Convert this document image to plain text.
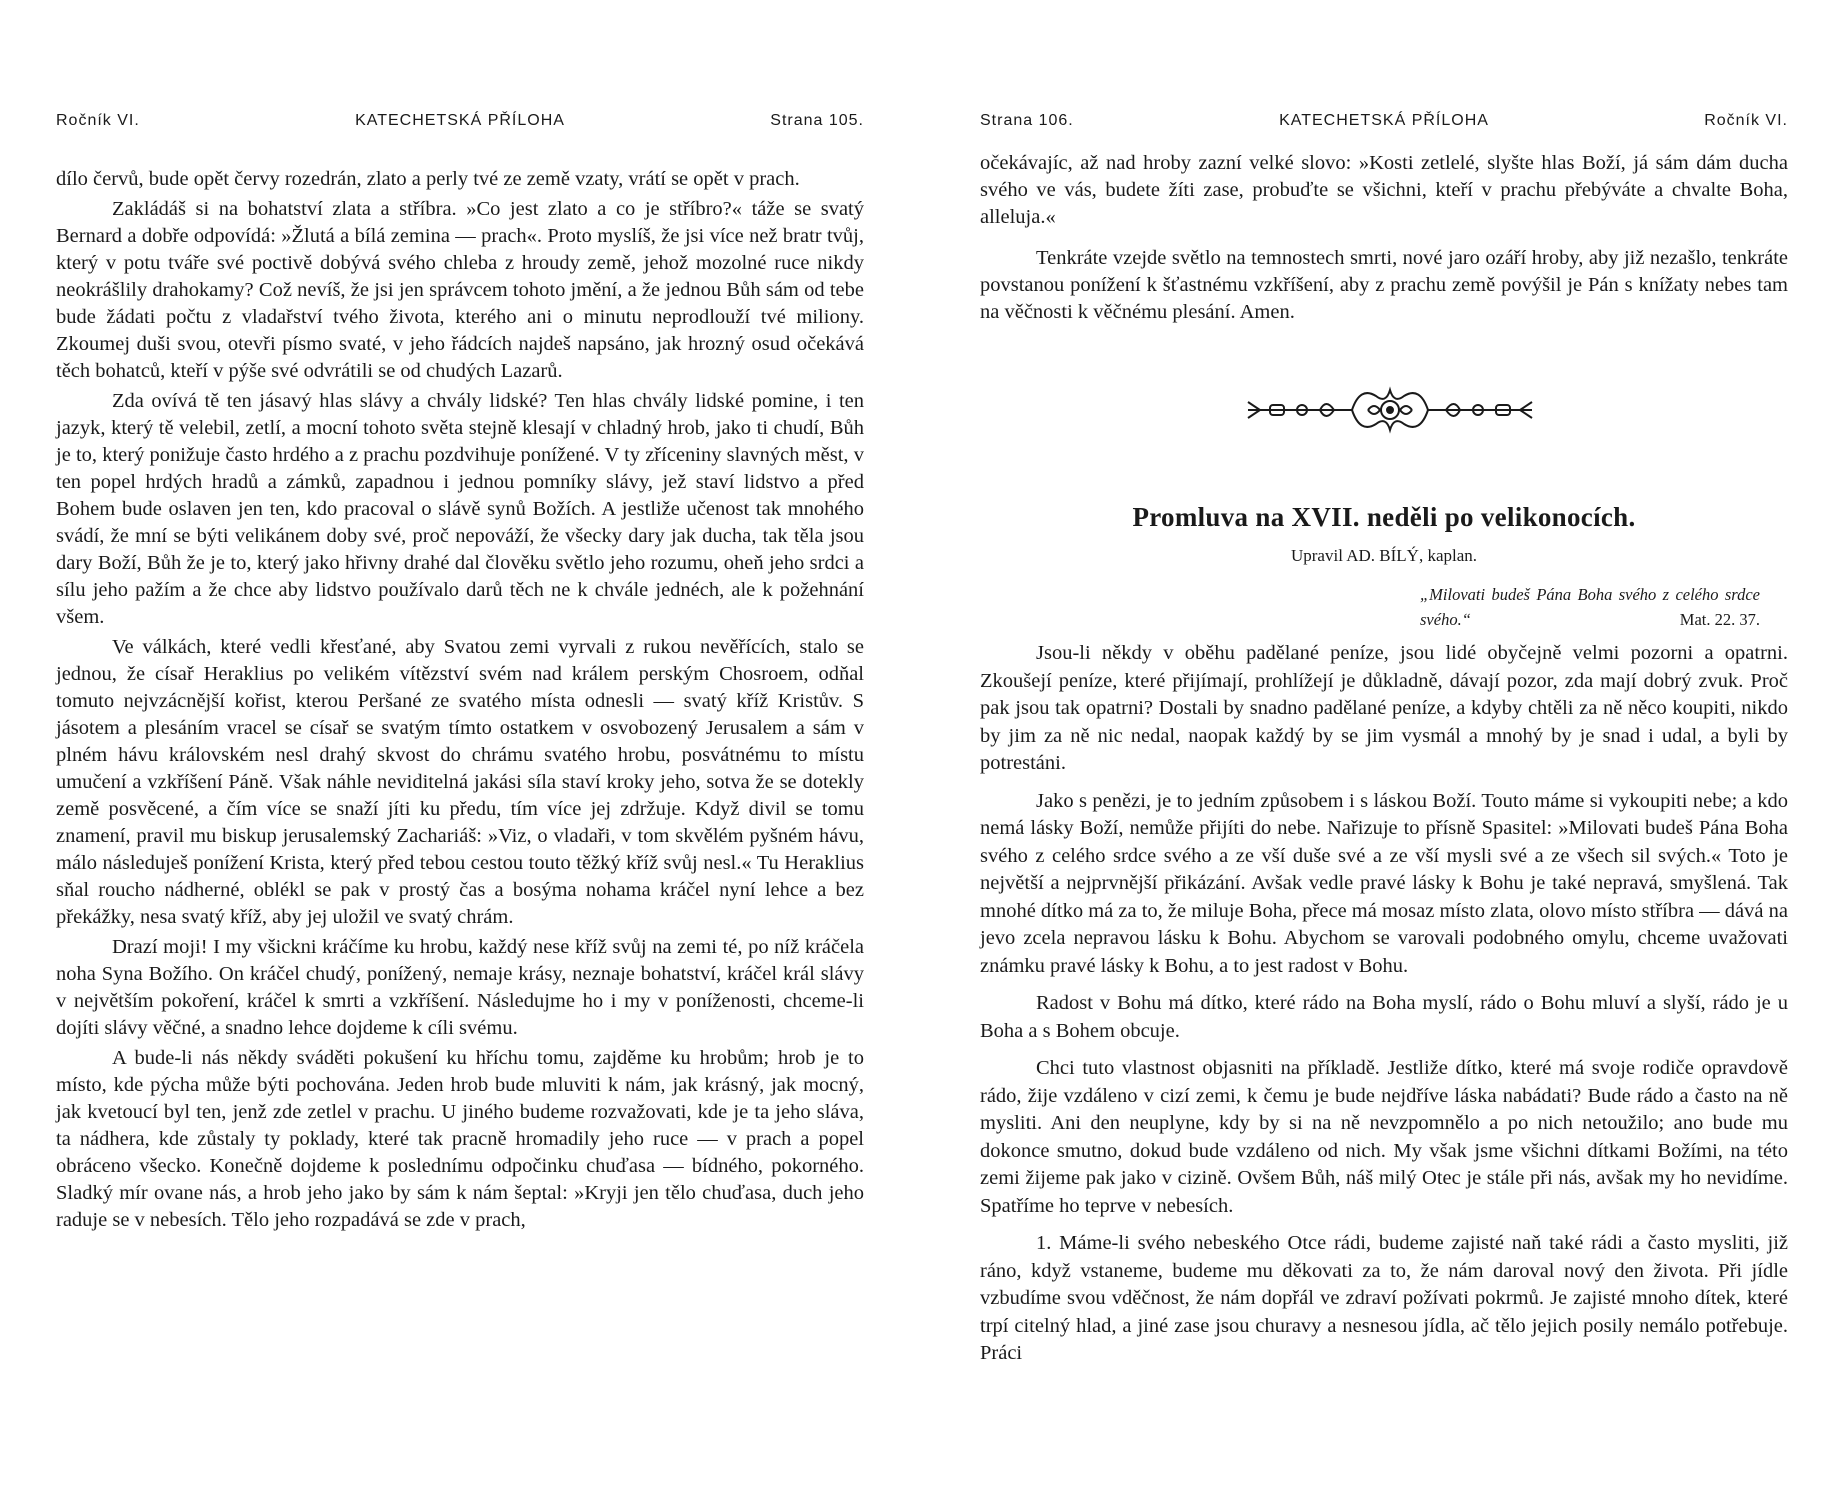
Ročník VI.	KATECHETSKÁ PŘÍLOHA	Strana 105.

dílo červů, bude opět červy rozedrán, zlato a perly tvé ze země vzaty, vrátí se opět v prach.

Zakládáš si na bohatství zlata a stříbra. »Co jest zlato a co je stříbro?« táže se svatý Bernard a dobře odpovídá: »Žlutá a bílá zemina — prach«. Proto myslíš, že jsi více než bratr tvůj, který v potu tváře své poctivě dobývá svého chleba z hroudy země, jehož mozolné ruce nikdy neokrášlily drahokamy? Což nevíš, že jsi jen správcem tohoto jmění, a že jednou Bůh sám od tebe bude žádati počtu z vladařství tvého života, kterého ani o minutu neprodlouží tvé miliony. Zkoumej duši svou, otevři písmo svaté, v jeho řádcích najdeš napsáno, jak hrozný osud očekává těch bohatců, kteří v pýše své odvrátili se od chudých Lazarů.

Zda ovívá tě ten jásavý hlas slávy a chvály lidské? Ten hlas chvály lidské pomine, i ten jazyk, který tě velebil, zetlí, a mocní tohoto světa stejně klesají v chladný hrob, jako ti chudí, Bůh je to, který ponižuje často hrdého a z prachu pozdvihuje ponížené. V ty zříceniny slavných měst, v ten popel hrdých hradů a zámků, zapadnou i jednou pomníky slávy, jež staví lidstvo a před Bohem bude oslaven jen ten, kdo pracoval o slávě synů Božích. A jestliže učenost tak mnohého svádí, že mní se býti velikánem doby své, proč nepováží, že všecky dary jak ducha, tak těla jsou dary Boží, Bůh že je to, který jako hřivny drahé dal člověku světlo jeho rozumu, oheň jeho srdci a sílu jeho pažím a že chce aby lidstvo používalo darů těch ne k chvále jednéch, ale k požehnání všem.

Ve válkách, které vedli křesťané, aby Svatou zemi vyrvali z rukou nevěřících, stalo se jednou, že císař Heraklius po velikém vítězství svém nad králem perským Chosroem, odňal tomuto nejvzácnější kořist, kterou Peršané ze svatého místa odnesli — svatý kříž Kristův. S jásotem a plesáním vracel se císař se svatým tímto ostatkem v osvobozený Jerusalem a sám v plném hávu královském nesl drahý skvost do chrámu svatého hrobu, posvátnému to místu umučení a vzkříšení Páně. Však náhle neviditelná jakási síla staví kroky jeho, sotva že se dotekly země posvěcené, a čím více se snaží jíti ku předu, tím více jej zdržuje. Když divil se tomu znamení, pravil mu biskup jerusalemský Zachariáš: »Viz, o vladaři, v tom skvělém pyšném hávu, málo následuješ ponížení Krista, který před tebou cestou touto těžký kříž svůj nesl.« Tu Heraklius sňal roucho nádherné, oblékl se pak v prostý čas a bosýma nohama kráčel nyní lehce a bez překážky, nesa svatý kříž, aby jej uložil ve svatý chrám.

Drazí moji! I my všickni kráčíme ku hrobu, každý nese kříž svůj na zemi té, po níž kráčela noha Syna Božího. On kráčel chudý, ponížený, nemaje krásy, neznaje bohatství, kráčel král slávy v největším pokoření, kráčel k smrti a vzkříšení. Následujme ho i my v poníženosti, chceme-li dojíti slávy věčné, a snadno lehce dojdeme k cíli svému.

A bude-li nás někdy sváděti pokušení ku hříchu tomu, zajděme ku hrobům; hrob je to místo, kde pýcha může býti pochována. Jeden hrob bude mluviti k nám, jak krásný, jak mocný, jak kvetoucí byl ten, jenž zde zetlel v prachu. U jiného budeme rozvažovati, kde je ta jeho sláva, ta nádhera, kde zůstaly ty poklady, které tak pracně hromadily jeho ruce — v prach a popel obráceno všecko. Konečně dojdeme k poslednímu odpočinku chuďasa — bídného, pokorného. Sladký mír ovane nás, a hrob jeho jako by sám k nám šeptal: »Kryji jen tělo chuďasa, duch jeho raduje se v nebesích. Tělo jeho rozpadává se zde v prach,

Strana 106.	KATECHETSKÁ PŘÍLOHA	Ročník VI.

očekávajíc, až nad hroby zazní velké slovo: »Kosti zetlelé, slyšte hlas Boží, já sám dám ducha svého ve vás, budete žíti zase, probuďte se všichni, kteří v prachu přebýváte a chvalte Boha, alleluja.«

Tenkráte vzejde světlo na temnostech smrti, nové jaro ozáří hroby, aby již nezašlo, tenkráte povstanou ponížení k šťastnému vzkříšení, aby z prachu země povýšil je Pán s knížaty nebes tam na věčnosti k věčnému plesání. Amen.

Promluva na XVII. neděli po velikonocích.
Upravil AD. BÍLÝ, kaplan.
„Milovati budeš Pána Boha svého z celého srdce svého.“	Mat. 22. 37.

Jsou-li někdy v oběhu padělané peníze, jsou lidé obyčejně velmi pozorni a opatrni. Zkoušejí peníze, které přijímají, prohlížejí je důkladně, dávají pozor, zda mají dobrý zvuk. Proč pak jsou tak opatrni? Dostali by snadno padělané peníze, a kdyby chtěli za ně něco koupiti, nikdo by jim za ně nic nedal, naopak každý by se jim vysmál a mnohý by je snad i udal, a byli by potrestáni.

Jako s penězi, je to jedním způsobem i s láskou Boží. Touto máme si vykoupiti nebe; a kdo nemá lásky Boží, nemůže přijíti do nebe. Nařizuje to přísně Spasitel: »Milovati budeš Pána Boha svého z celého srdce svého a ze vší duše své a ze vší mysli své a ze všech sil svých.« Toto je největší a nejprvnější přikázání. Avšak vedle pravé lásky k Bohu je také nepravá, smyšlená. Tak mnohé dítko má za to, že miluje Boha, přece má mosaz místo zlata, olovo místo stříbra — dává na jevo zcela nepravou lásku k Bohu. Abychom se varovali podobného omylu, chceme uvažovati známku pravé lásky k Bohu, a to jest radost v Bohu.

Radost v Bohu má dítko, které rádo na Boha myslí, rádo o Bohu mluví a slyší, rádo je u Boha a s Bohem obcuje.

Chci tuto vlastnost objasniti na příkladě. Jestliže dítko, které má svoje rodiče opravdově rádo, žije vzdáleno v cizí zemi, k čemu je bude nejdříve láska nabádati? Bude rádo a často na ně mysliti. Ani den neuplyne, kdy by si na ně nevzpomnělo a po nich netoužilo; ano bude mu dokonce smutno, dokud bude vzdáleno od nich. My však jsme všichni dítkami Božími, na této zemi žijeme pak jako v cizině. Ovšem Bůh, náš milý Otec je stále při nás, avšak my ho nevidíme. Spatříme ho teprve v nebesích.

1. Máme-li svého nebeského Otce rádi, budeme zajisté naň také rádi a často mysliti, již ráno, když vstaneme, budeme mu děkovati za to, že nám daroval nový den života. Při jídle vzbudíme svou vděčnost, že nám dopřál ve zdraví požívati pokrmů. Je zajisté mnoho dítek, které trpí citelný hlad, a jiné zase jsou churavy a nesnesou jídla, ač tělo jejich posily nemálo potřebuje. Práci
